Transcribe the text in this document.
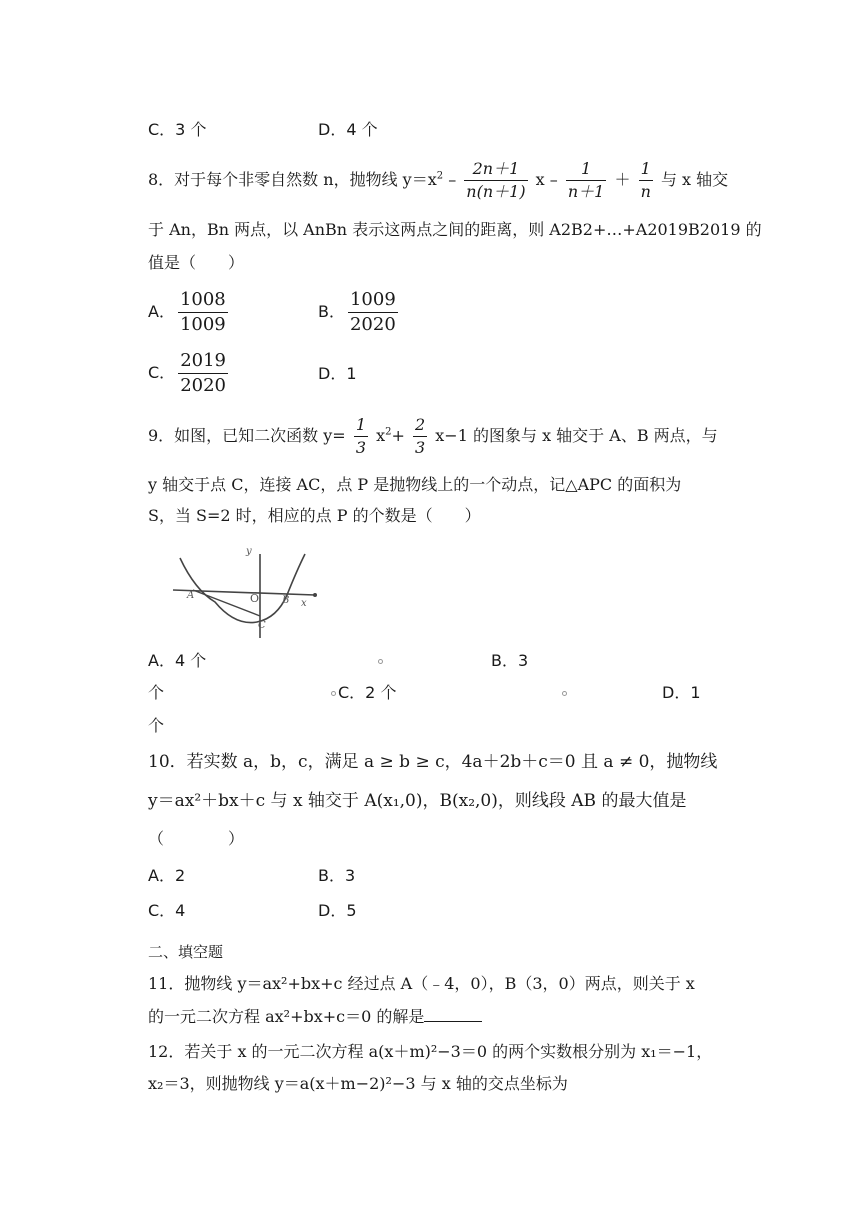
C．3 个	D．4 个
8．对于每个非零自然数 n，抛物线 $y=x^2 - \frac{2n+1}{n(n+1)}$ $x - \frac{1}{n+1} + \frac{1}{n}$ 与 x 轴交
于 An，Bn 两点，以 AnBn 表示这两点之间的距离，则 A2B2+…+A2019B2019 的
值是（　　）
A． $\frac{1008}{1009}$	B． $\frac{1009}{2020}$
C． $\frac{2019}{2020}$	D．1
9．如图，已知二次函数 $y= \frac{1}{3} x^2+ \frac{2}{3} x-1$ 的图象与 x 轴交于 A、B 两点，与
y 轴交于点 C，连接 AC，点 P 是抛物线上的一个动点，记△APC 的面积为
S，当 S=2 时，相应的点 P 的个数是（　　）
y
A	O B x
C
A．4 个	B．3
个	C．2 个	D．1
个
10．若实数 a，b，c，满足 a ≥ b ≥ c，4a＋2b＋c＝0 且 a ≠ 0，抛物线
y＝ax²＋bx＋c 与 x 轴交于 A(x₁,0)，B(x₂,0)，则线段 AB 的最大值是
（　　　　）
A．2	B．3
C．4	D．5
二、填空题
11．抛物线 y＝ax²+bx+c 经过点 A（﹣4，0），B（3，0）两点，则关于 x
的一元二次方程 ax²+bx+c＝0 的解是
12．若关于 x 的一元二次方程 a(x＋m)²−3＝0 的两个实数根分别为 x₁＝−1，
x₂＝3，则抛物线 y＝a(x＋m−2)²−3 与 x 轴的交点坐标为
